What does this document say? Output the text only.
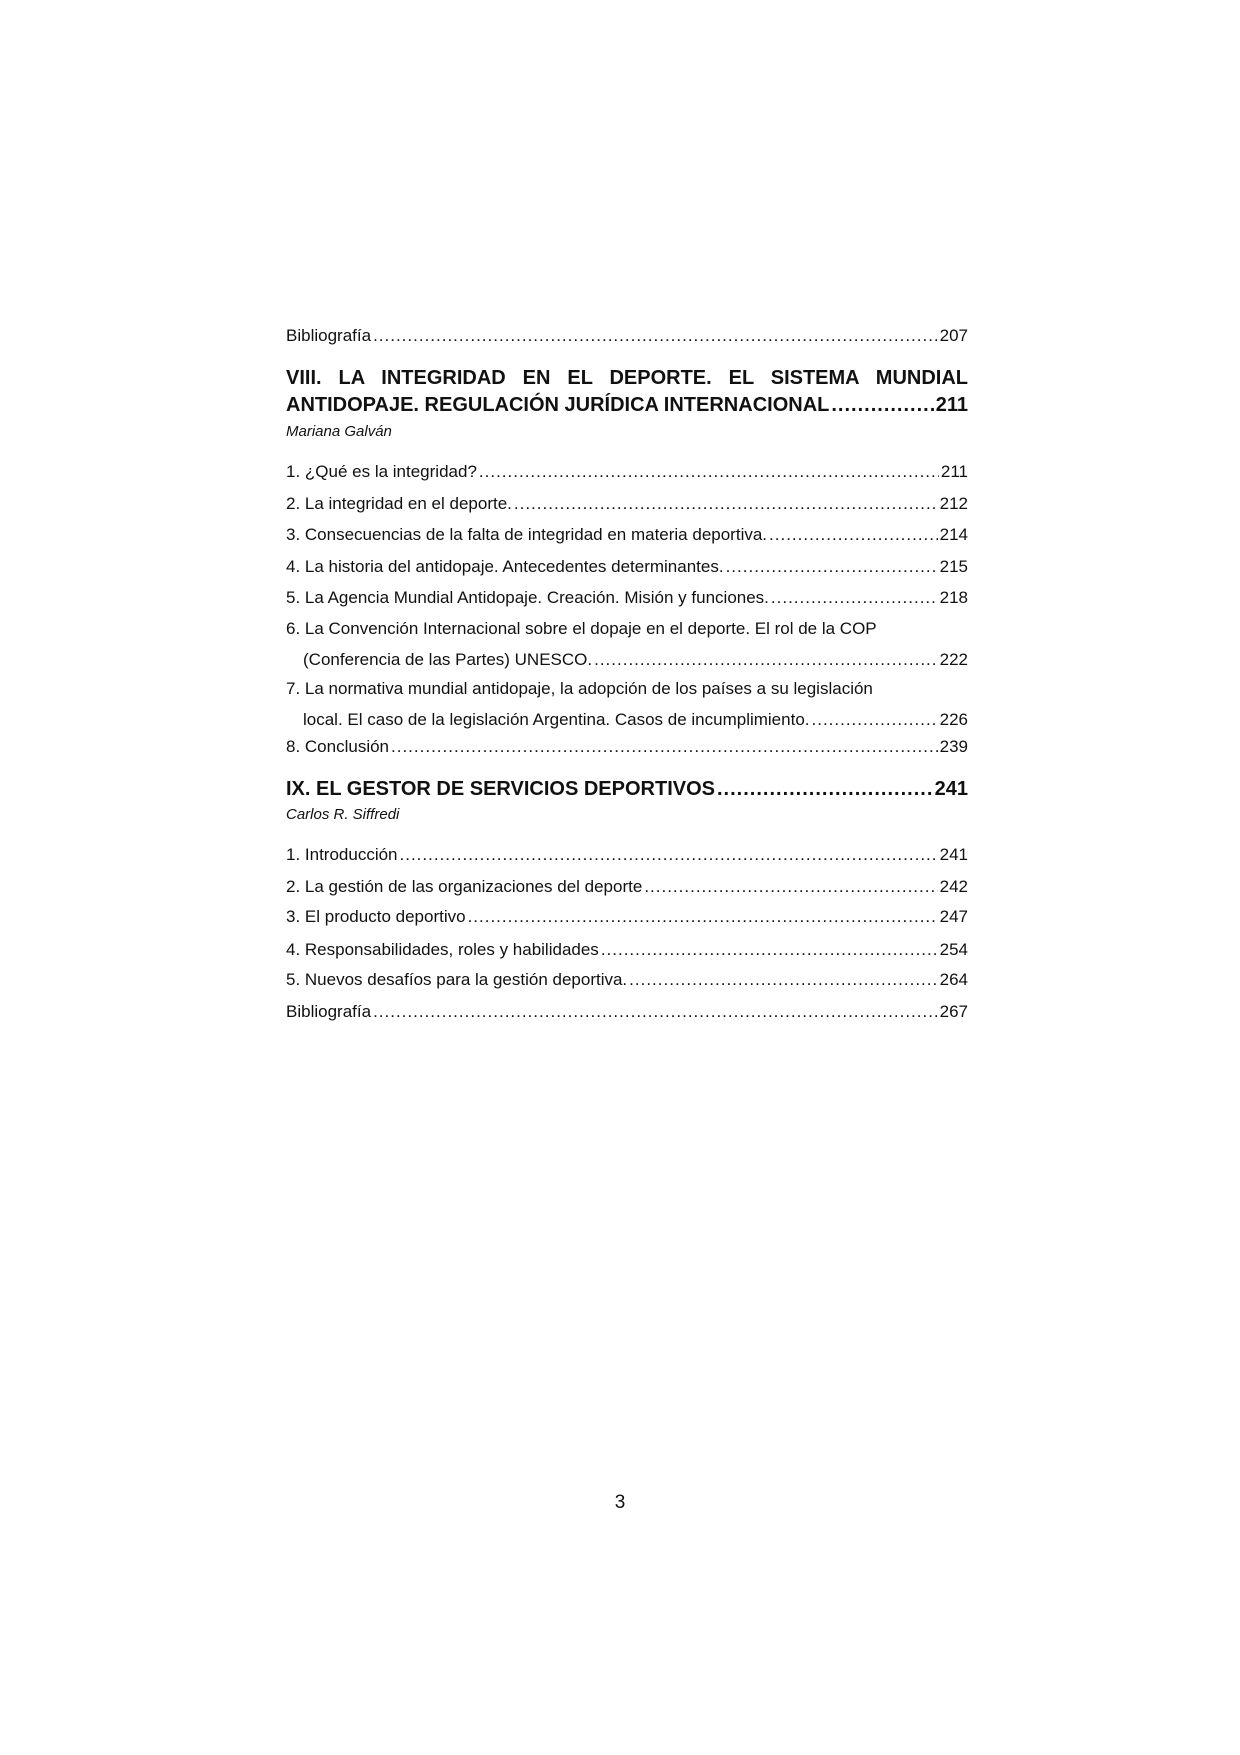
Bibliografía .....	207
VIII. LA INTEGRIDAD EN EL DEPORTE. EL SISTEMA MUNDIAL
ANTIDOPAJE. REGULACIÓN JURÍDICA INTERNACIONAL .....	211
Mariana Galván
1. ¿Qué es la integridad? .....	211
2. La integridad en el deporte. .....	212
3. Consecuencias de la falta de integridad en materia deportiva. .....	214
4. La historia del antidopaje. Antecedentes determinantes. .....	215
5. La Agencia Mundial Antidopaje. Creación. Misión y funciones. .....	218
6. La Convención Internacional sobre el dopaje en el deporte. El rol de la COP
(Conferencia de las Partes) UNESCO. .....	222
7. La normativa mundial antidopaje, la adopción de los países a su legislación
local. El caso de la legislación Argentina. Casos de incumplimiento. .....	226
8. Conclusión .....	239
IX. EL GESTOR DE SERVICIOS DEPORTIVOS .....	241
Carlos R. Siffredi
1. Introducción .....	241
2. La gestión de las organizaciones del deporte .....	242
3. El producto deportivo .....	247
4. Responsabilidades, roles y habilidades .....	254
5. Nuevos desafíos para la gestión deportiva. .....	264
Bibliografía .....	267
3
